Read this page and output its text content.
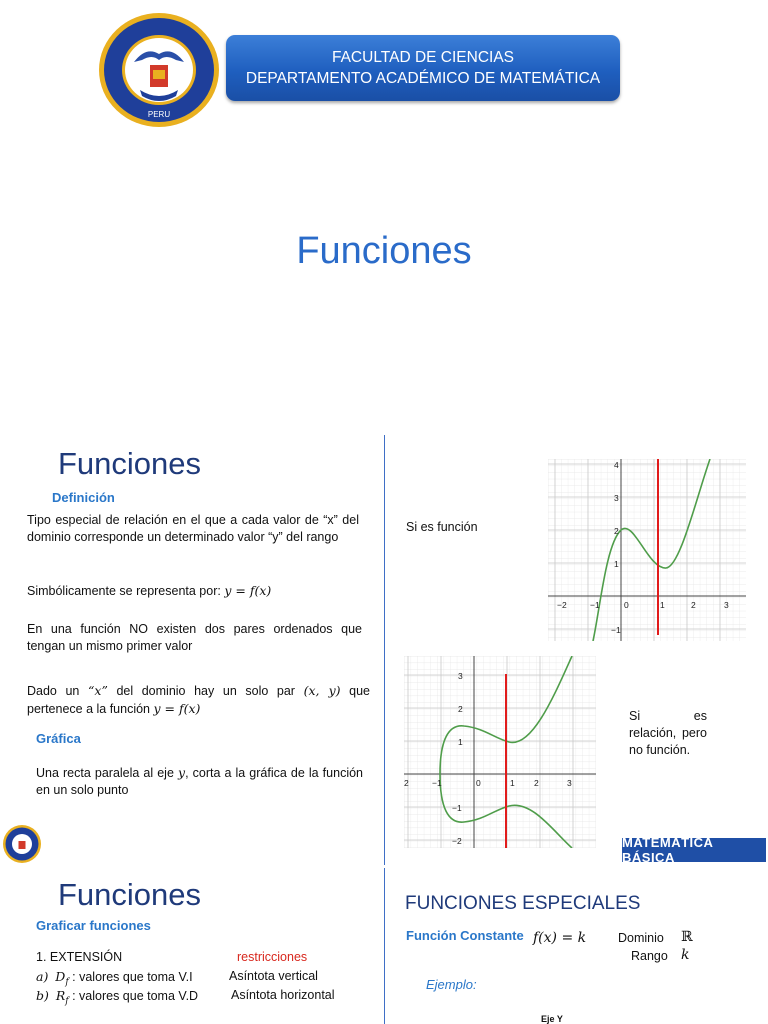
PERU
FACULTAD DE CIENCIAS
DEPARTAMENTO ACADÉMICO DE MATEMÁTICA
Funciones
Funciones
Definición
Tipo especial de relación en el que a cada valor de “x” del dominio corresponde un determinado valor “y” del rango
Simbólicamente se representa por: y = f(x)
En una función NO existen dos pares ordenados que tengan un mismo primer valor
Dado un “x” del dominio hay un solo par (x, y) que pertenece a la función y = f(x)
Gráfica
Una recta paralela al eje y, corta a la gráfica de la función en un solo punto
Si es función
Si es relación, pero no función.
−2	−1	0	1	2	3
−1
1
2
3
4
2	−1	0	1 2	3
−2
−1
1
2
3
MATEMÁTICA BÁSICA
Funciones
Graficar funciones
1. EXTENSIÓN	restricciones
a) $D_f$ : valores que toma V.I	Asíntota vertical
b) $R_f$ : valores que toma V.D	Asíntota horizontal
FUNCIONES ESPECIALES
Función Constante f(x) = k	Dominio ℝ
Rango k
Ejemplo:
Eje Y
